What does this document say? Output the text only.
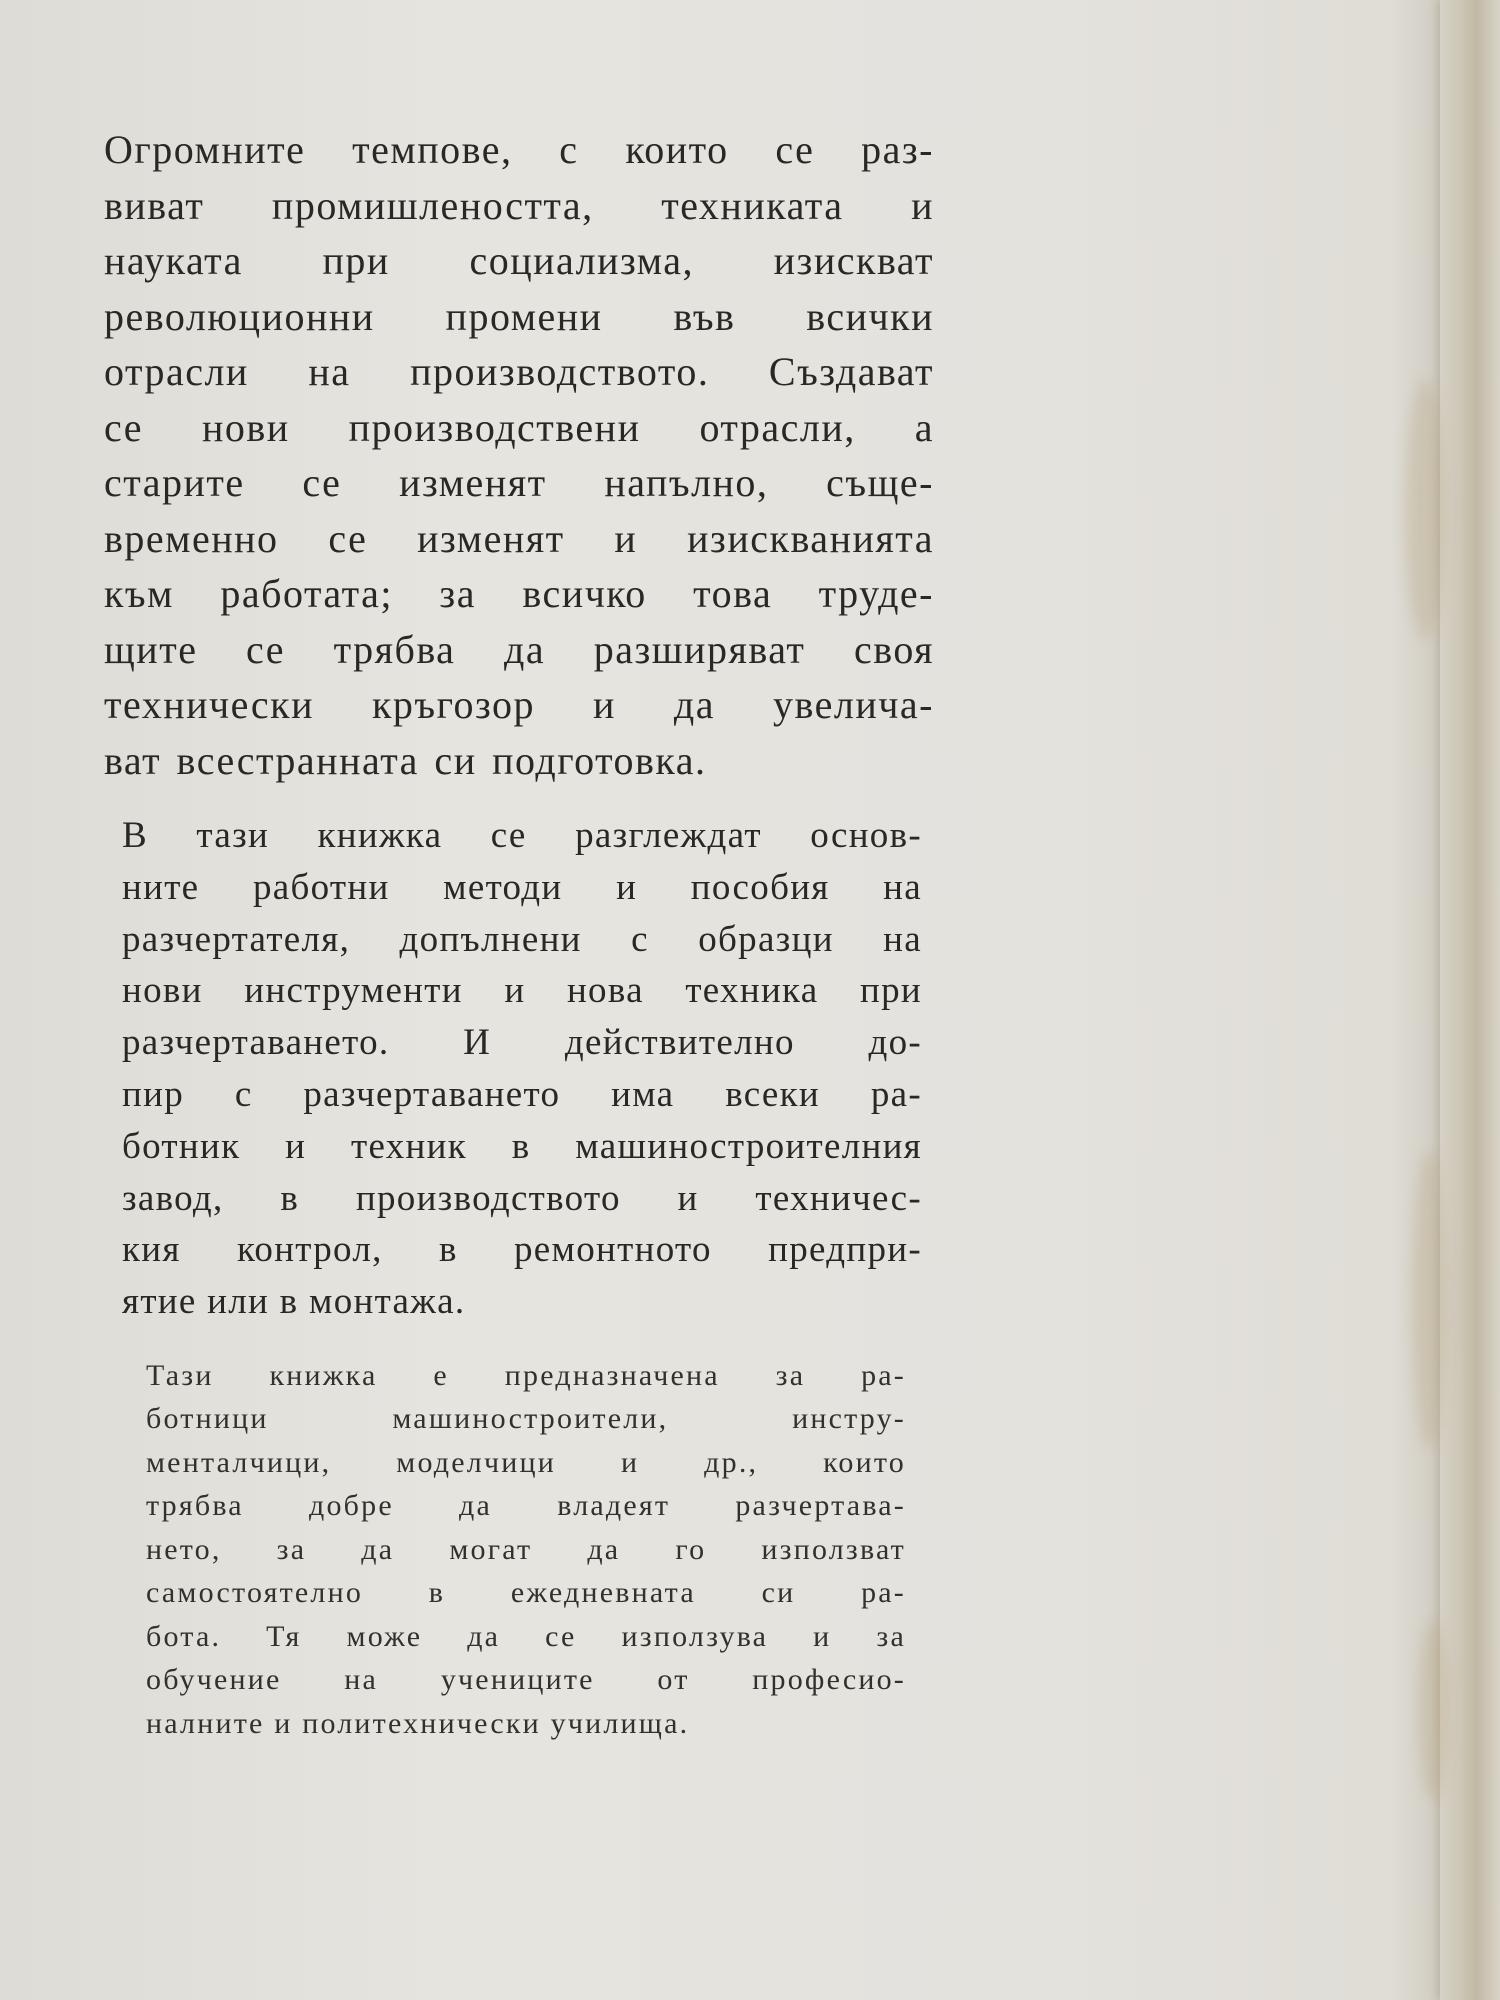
Огромните темпове, с които се раз-
виват промишлеността, техниката и
науката при социализма, изискват
революционни промени във всички
отрасли на производството. Създават
се нови производствени отрасли, а
старите се изменят напълно, съще-
временно се изменят и изискванията
към работата; за всичко това труде-
щите се трябва да разширяват своя
технически кръгозор и да увелича-
ват всестранната си подготовка.

В тази книжка се разглеждат основ-
ните работни методи и пособия на
разчертателя, допълнени с образци на
нови инструменти и нова техника при
разчертаването. И действително до-
пир с разчертаването има всеки ра-
ботник и техник в машиностроителния
завод, в производството и техничес-
кия контрол, в ремонтното предпри-
ятие или в монтажа.

Тази книжка е предназначена за ра-
ботници машиностроители, инстру-
менталчици, моделчици и др., които
трябва добре да владеят разчертава-
нето, за да могат да го използват
самостоятелно в ежедневната си ра-
бота. Тя може да се използува и за
обучение на учениците от професио-
налните и политехнически училища.
